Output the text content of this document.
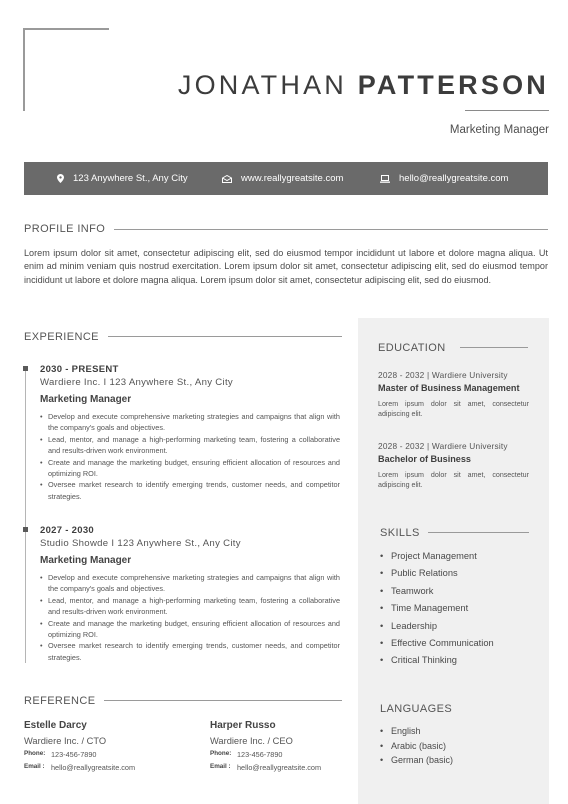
JONATHAN PATTERSON
Marketing Manager
123 Anywhere St., Any City	www.reallygreatsite.com	hello@reallygreatsite.com
PROFILE INFO
Lorem ipsum dolor sit amet, consectetur adipiscing elit, sed do eiusmod tempor incididunt ut labore et dolore magna aliqua. Ut enim ad minim veniam quis nostrud exercitation. Lorem ipsum dolor sit amet, consectetur adipiscing elit, sed do eiusmod tempor incididunt ut labore et dolore magna aliqua. Lorem ipsum dolor sit amet, consectetur adipiscing elit, sed do eiusmod.
EXPERIENCE
2030 - PRESENT
Wardiere Inc. I 123 Anywhere St., Any City
Marketing Manager
• Develop and execute comprehensive marketing strategies and campaigns that align with the company's goals and objectives.
• Lead, mentor, and manage a high-performing marketing team, fostering a collaborative and results-driven work environment.
• Create and manage the marketing budget, ensuring efficient allocation of resources and optimizing ROI.
• Oversee market research to identify emerging trends, customer needs, and competitor strategies.
2027 - 2030
Studio Showde I 123 Anywhere St., Any City
Marketing Manager
• Develop and execute comprehensive marketing strategies and campaigns that align with the company's goals and objectives.
• Lead, mentor, and manage a high-performing marketing team, fostering a collaborative and results-driven work environment.
• Create and manage the marketing budget, ensuring efficient allocation of resources and optimizing ROI.
• Oversee market research to identify emerging trends, customer needs, and competitor strategies.
REFERENCE
Estelle Darcy
Wardiere Inc. / CTO
Phone: 123-456-7890
Email : hello@reallygreatsite.com
Harper Russo
Wardiere Inc. / CEO
Phone: 123-456-7890
Email : hello@reallygreatsite.com
EDUCATION
2028 - 2032 | Wardiere University
Master of Business Management
Lorem ipsum dolor sit amet, consectetur adipiscing elit.
2028 - 2032 | Wardiere University
Bachelor of Business
Lorem ipsum dolor sit amet, consectetur adipiscing elit.
SKILLS
• Project Management
• Public Relations
• Teamwork
• Time Management
• Leadership
• Effective Communication
• Critical Thinking
LANGUAGES
• English
• Arabic (basic)
• German (basic)
